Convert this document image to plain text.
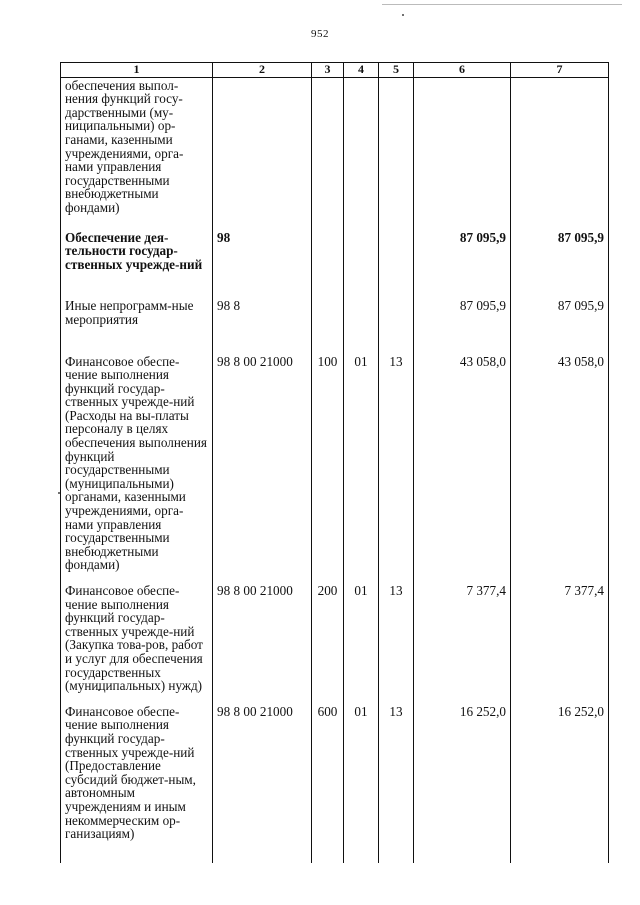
952
1	2	3	4	5	6	7
обеспечения выпол-нения функций госу-дарственными (му-ниципальными) ор-ганами, казенными учреждениями, орга-нами управления государственными внебюджетными фондами)						
Обеспечение дея-тельности государ-ственных учрежде-ний	98				87 095,9	87 095,9
Иные непрограмм-ные мероприятия	98 8				87 095,9	87 095,9
Финансовое обеспе-чение выполнения функций государ-ственных учрежде-ний (Расходы на вы-платы персоналу в целях обеспечения выполнения функций государственными (муниципальными) органами, казенными учреждениями, орга-нами управления государственными внебюджетными фондами)	98 8 00 21000	100	01	13	43 058,0	43 058,0
Финансовое обеспе-чение выполнения функций государ-ственных учрежде-ний (Закупка това-ров, работ и услуг для обеспечения государственных (муниципальных) нужд)	98 8 00 21000	200	01	13	7 377,4	7 377,4
Финансовое обеспе-чение выполнения функций государ-ственных учрежде-ний (Предоставление субсидий бюджет-ным, автономным учреждениям и иным некоммерческим ор-ганизациям)	98 8 00 21000	600	01	13	16 252,0	16 252,0
